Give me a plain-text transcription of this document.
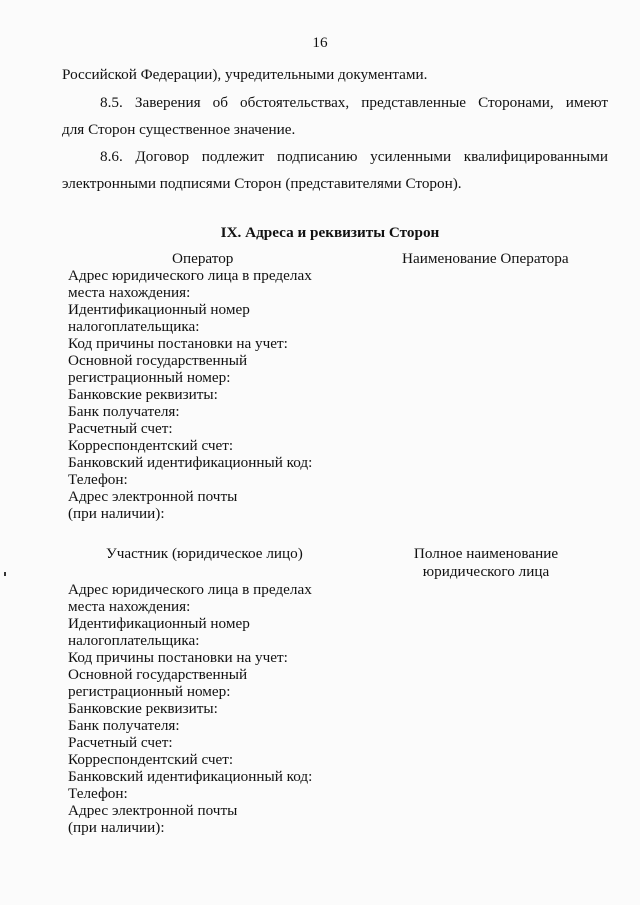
16
Российской Федерации), учредительными документами.
8.5. Заверения об обстоятельствах, представленные Сторонами, имеют
для Сторон существенное значение.
8.6. Договор подлежит подписанию усиленными квалифицированными
электронными подписями Сторон (представителями Сторон).
IX. Адреса и реквизиты Сторон
Оператор	Наименование Оператора
Адрес юридического лица в пределах
места нахождения:
Идентификационный номер
налогоплательщика:
Код причины постановки на учет:
Основной государственный
регистрационный номер:
Банковские реквизиты:
Банк получателя:
Расчетный счет:
Корреспондентский счет:
Банковский идентификационный код:
Телефон:
Адрес электронной почты
(при наличии):
Участник (юридическое лицо)	Полное наименование
юридического лица
Адрес юридического лица в пределах
места нахождения:
Идентификационный номер
налогоплательщика:
Код причины постановки на учет:
Основной государственный
регистрационный номер:
Банковские реквизиты:
Банк получателя:
Расчетный счет:
Корреспондентский счет:
Банковский идентификационный код:
Телефон:
Адрес электронной почты
(при наличии):
